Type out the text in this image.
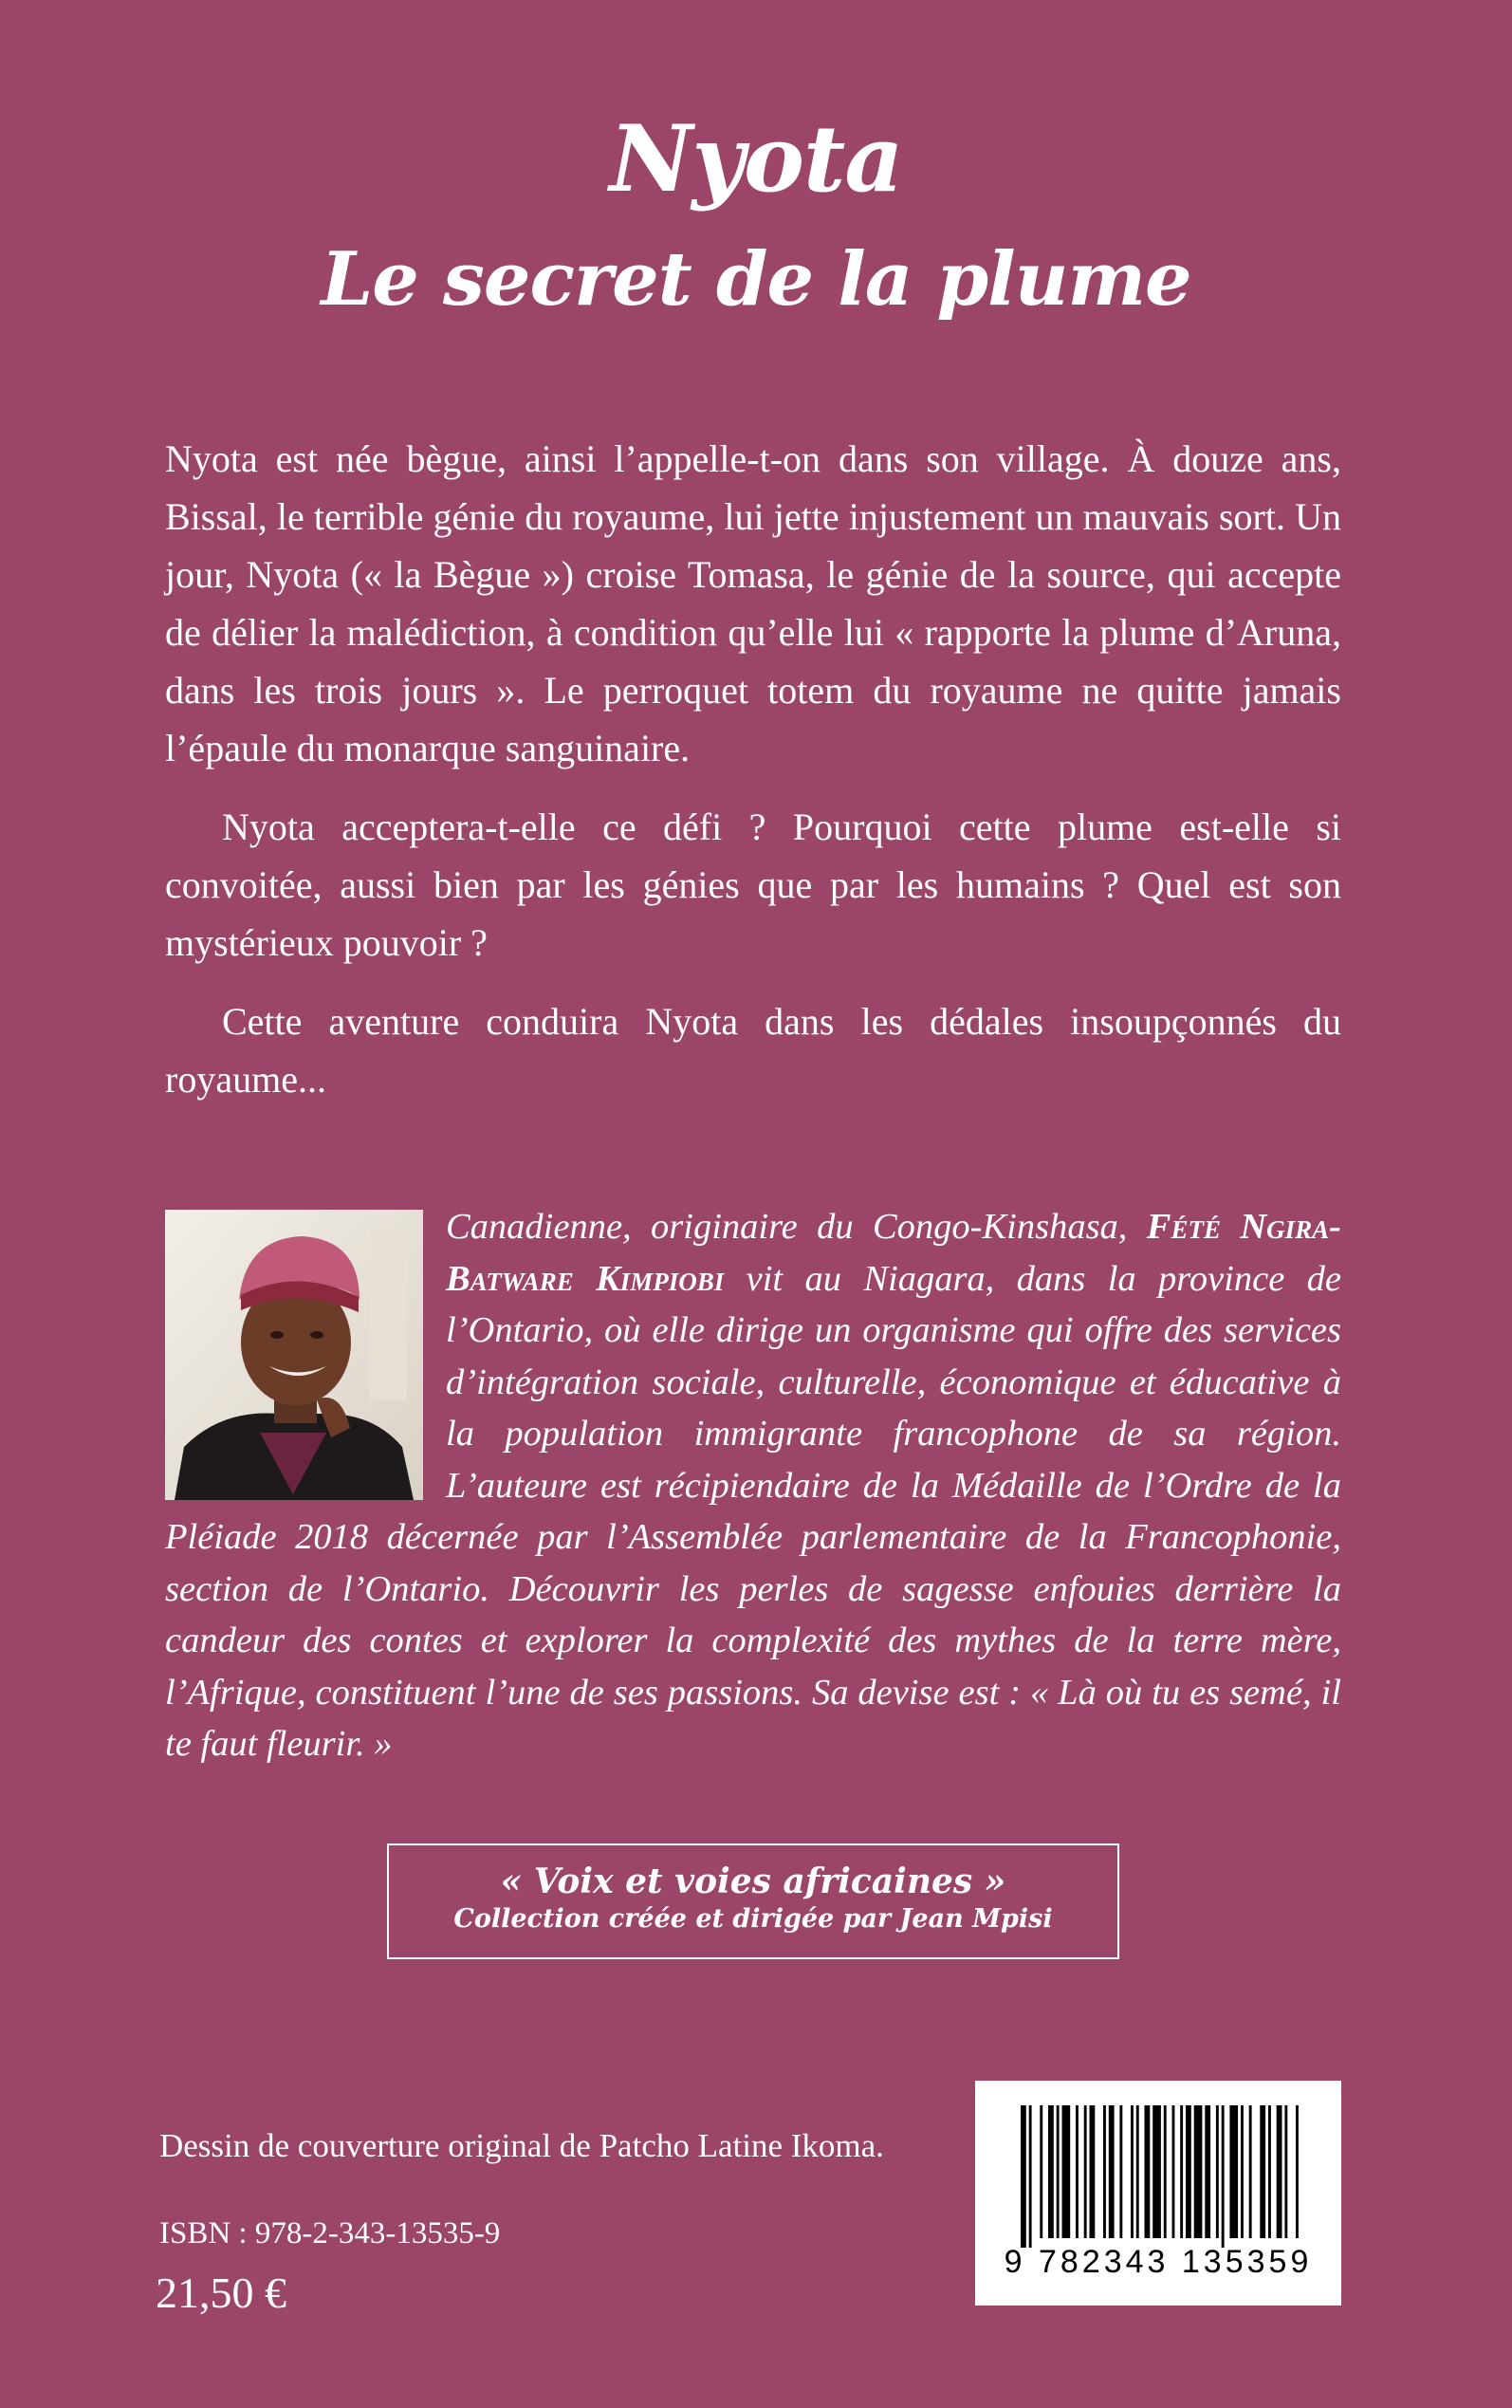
Nyota
Le secret de la plume

Nyota est née bègue, ainsi l’appelle-t-on dans son village. À douze ans, Bissal, le terrible génie du royaume, lui jette injustement un mauvais sort. Un jour, Nyota (« la Bègue ») croise Tomasa, le génie de la source, qui accepte de délier la malédiction, à condition qu’elle lui « rapporte la plume d’Aruna, dans les trois jours ». Le perroquet totem du royaume ne quitte jamais l’épaule du monarque sanguinaire.

Nyota acceptera-t-elle ce défi ? Pourquoi cette plume est-elle si convoitée, aussi bien par les génies que par les humains ? Quel est son mystérieux pouvoir ?

Cette aventure conduira Nyota dans les dédales insoupçonnés du royaume...

Canadienne, originaire du Congo-Kinshasa, Fété Ngira-Batware Kimpiobi vit au Niagara, dans la province de l’Ontario, où elle dirige un organisme qui offre des services d’intégration sociale, culturelle, économique et éducative à la population immigrante francophone de sa région. L’auteure est récipiendaire de la Médaille de l’Ordre de la Pléiade 2018 décernée par l’Assemblée parlementaire de la Francophonie, section de l’Ontario. Découvrir les perles de sagesse enfouies derrière la candeur des contes et explorer la complexité des mythes de la terre mère, l’Afrique, constituent l’une de ses passions. Sa devise est : « Là où tu es semé, il te faut fleurir. »

« Voix et voies africaines »
Collection créée et dirigée par Jean Mpisi
Dessin de couverture original de Patcho Latine Ikoma.
ISBN : 978-2-343-13535-9
21,50 €
9 782343 135359
